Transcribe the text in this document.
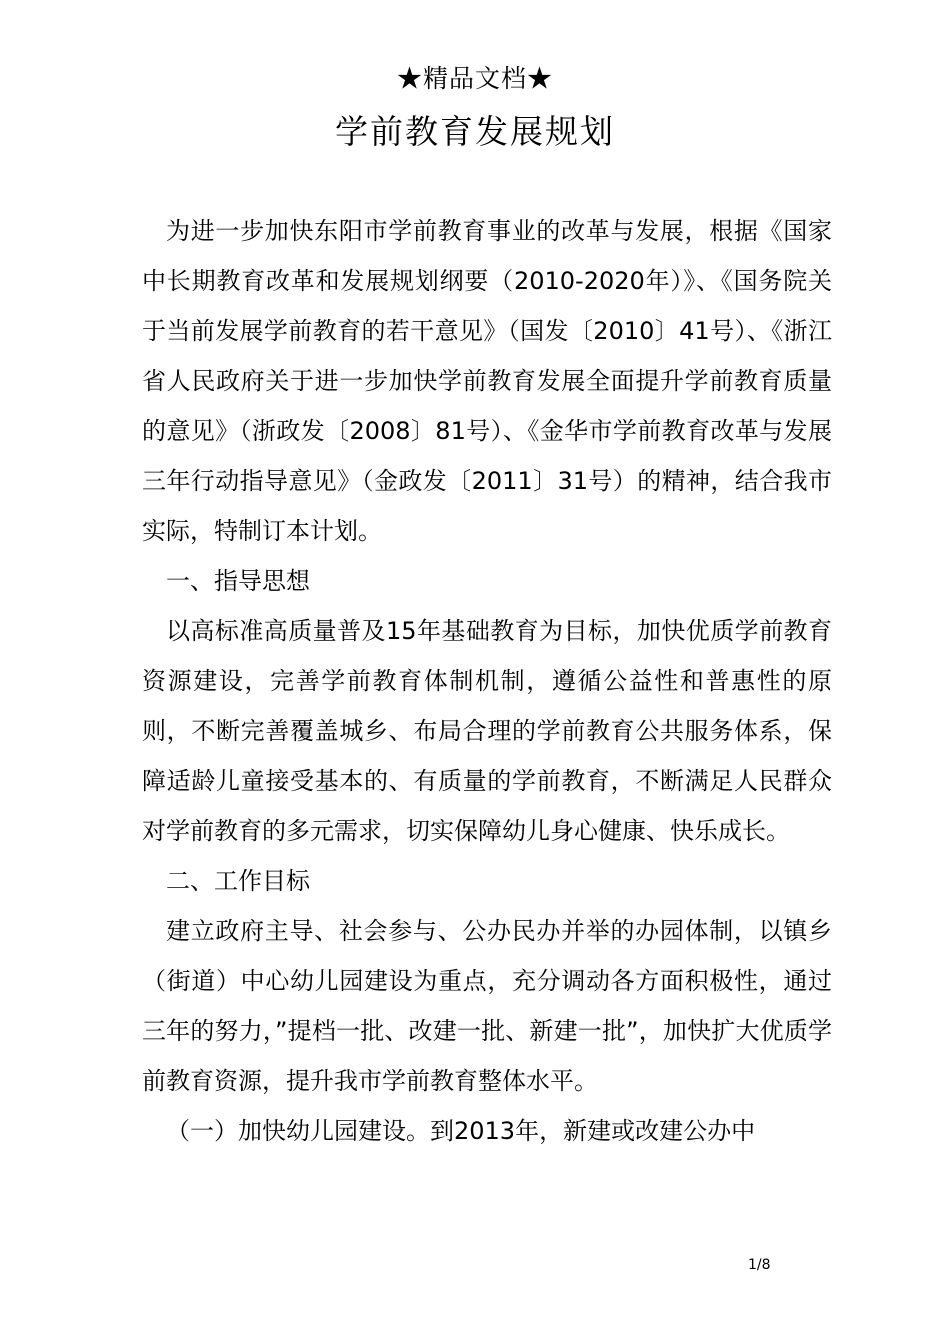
★精品文档★
学前教育发展规划

为进一步加快东阳市学前教育事业的改革与发展，根据《国家中长期教育改革和发展规划纲要（2010-2020年）》、《国务院关于当前发展学前教育的若干意见》（国发〔2010〕41号）、《浙江省人民政府关于进一步加快学前教育发展全面提升学前教育质量的意见》（浙政发〔2008〕81号）、《金华市学前教育改革与发展三年行动指导意见》（金政发〔2011〕31号）的精神，结合我市实际，特制订本计划。

一、指导思想

以高标准高质量普及15年基础教育为目标，加快优质学前教育资源建设，完善学前教育体制机制，遵循公益性和普惠性的原则，不断完善覆盖城乡、布局合理的学前教育公共服务体系，保障适龄儿童接受基本的、有质量的学前教育，不断满足人民群众对学前教育的多元需求，切实保障幼儿身心健康、快乐成长。

二、工作目标

建立政府主导、社会参与、公办民办并举的办园体制，以镇乡（街道）中心幼儿园建设为重点，充分调动各方面积极性，通过三年的努力，”提档一批、改建一批、新建一批”，加快扩大优质学前教育资源，提升我市学前教育整体水平。

（一）加快幼儿园建设。到2013年，新建或改建公办中

1/8
